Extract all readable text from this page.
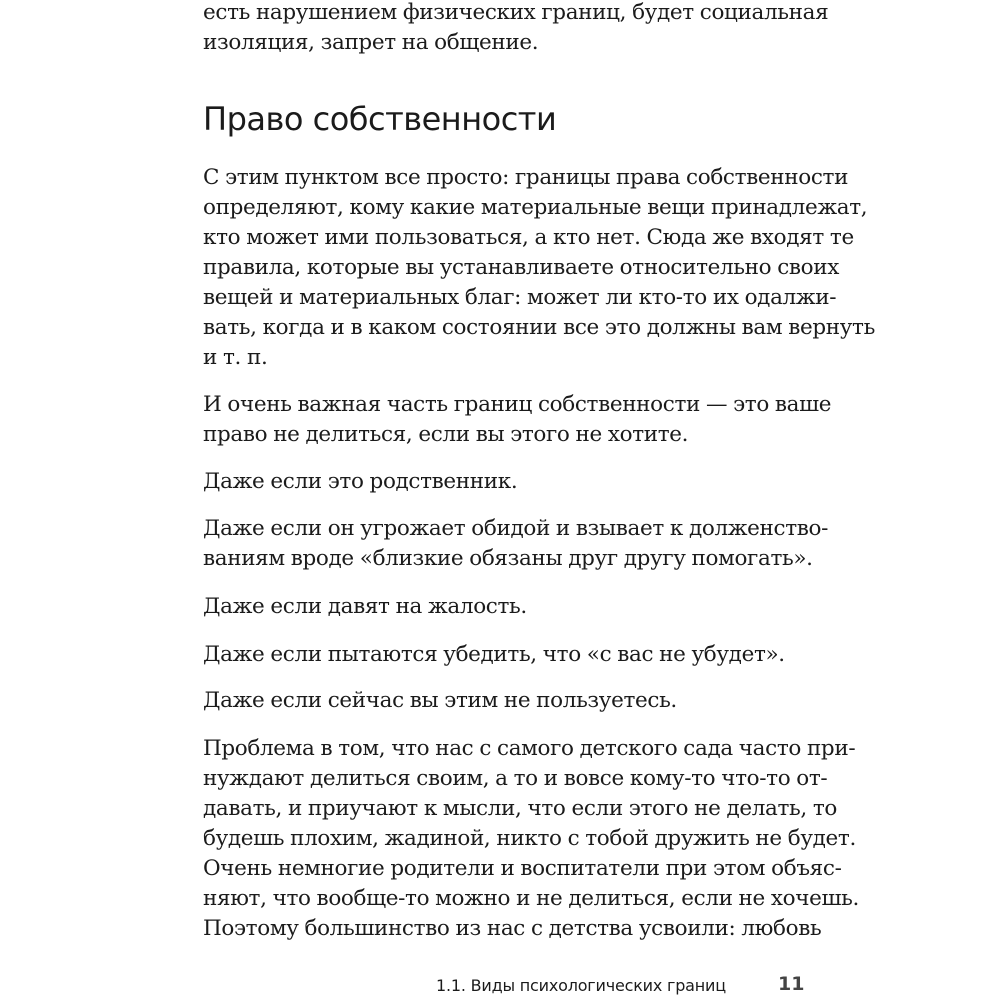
есть нарушением физических границ, будет социальная
изоляция, запрет на общение.
Право собственности
С этим пунктом все просто: границы права собственности
определяют, кому какие материальные вещи принадлежат,
кто может ими пользоваться, а кто нет. Сюда же входят те
правила, которые вы устанавливаете относительно своих
вещей и материальных благ: может ли кто-то их одалжи-
вать, когда и в каком состоянии все это должны вам вернуть
и т. п.
И очень важная часть границ собственности — это ваше
право не делиться, если вы этого не хотите.
Даже если это родственник.
Даже если он угрожает обидой и взывает к долженство-
ваниям вроде «близкие обязаны друг другу помогать».
Даже если давят на жалость.
Даже если пытаются убедить, что «с вас не убудет».
Даже если сейчас вы этим не пользуетесь.
Проблема в том, что нас с самого детского сада часто при-
нуждают делиться своим, а то и вовсе кому-то что-то от-
давать, и приучают к мысли, что если этого не делать, то
будешь плохим, жадиной, никто с тобой дружить не будет.
Очень немногие родители и воспитатели при этом объяс-
няют, что вообще-то можно и не делиться, если не хочешь.
Поэтому большинство из нас с детства усвоили: любовь
1.1. Виды психологических границ	11
